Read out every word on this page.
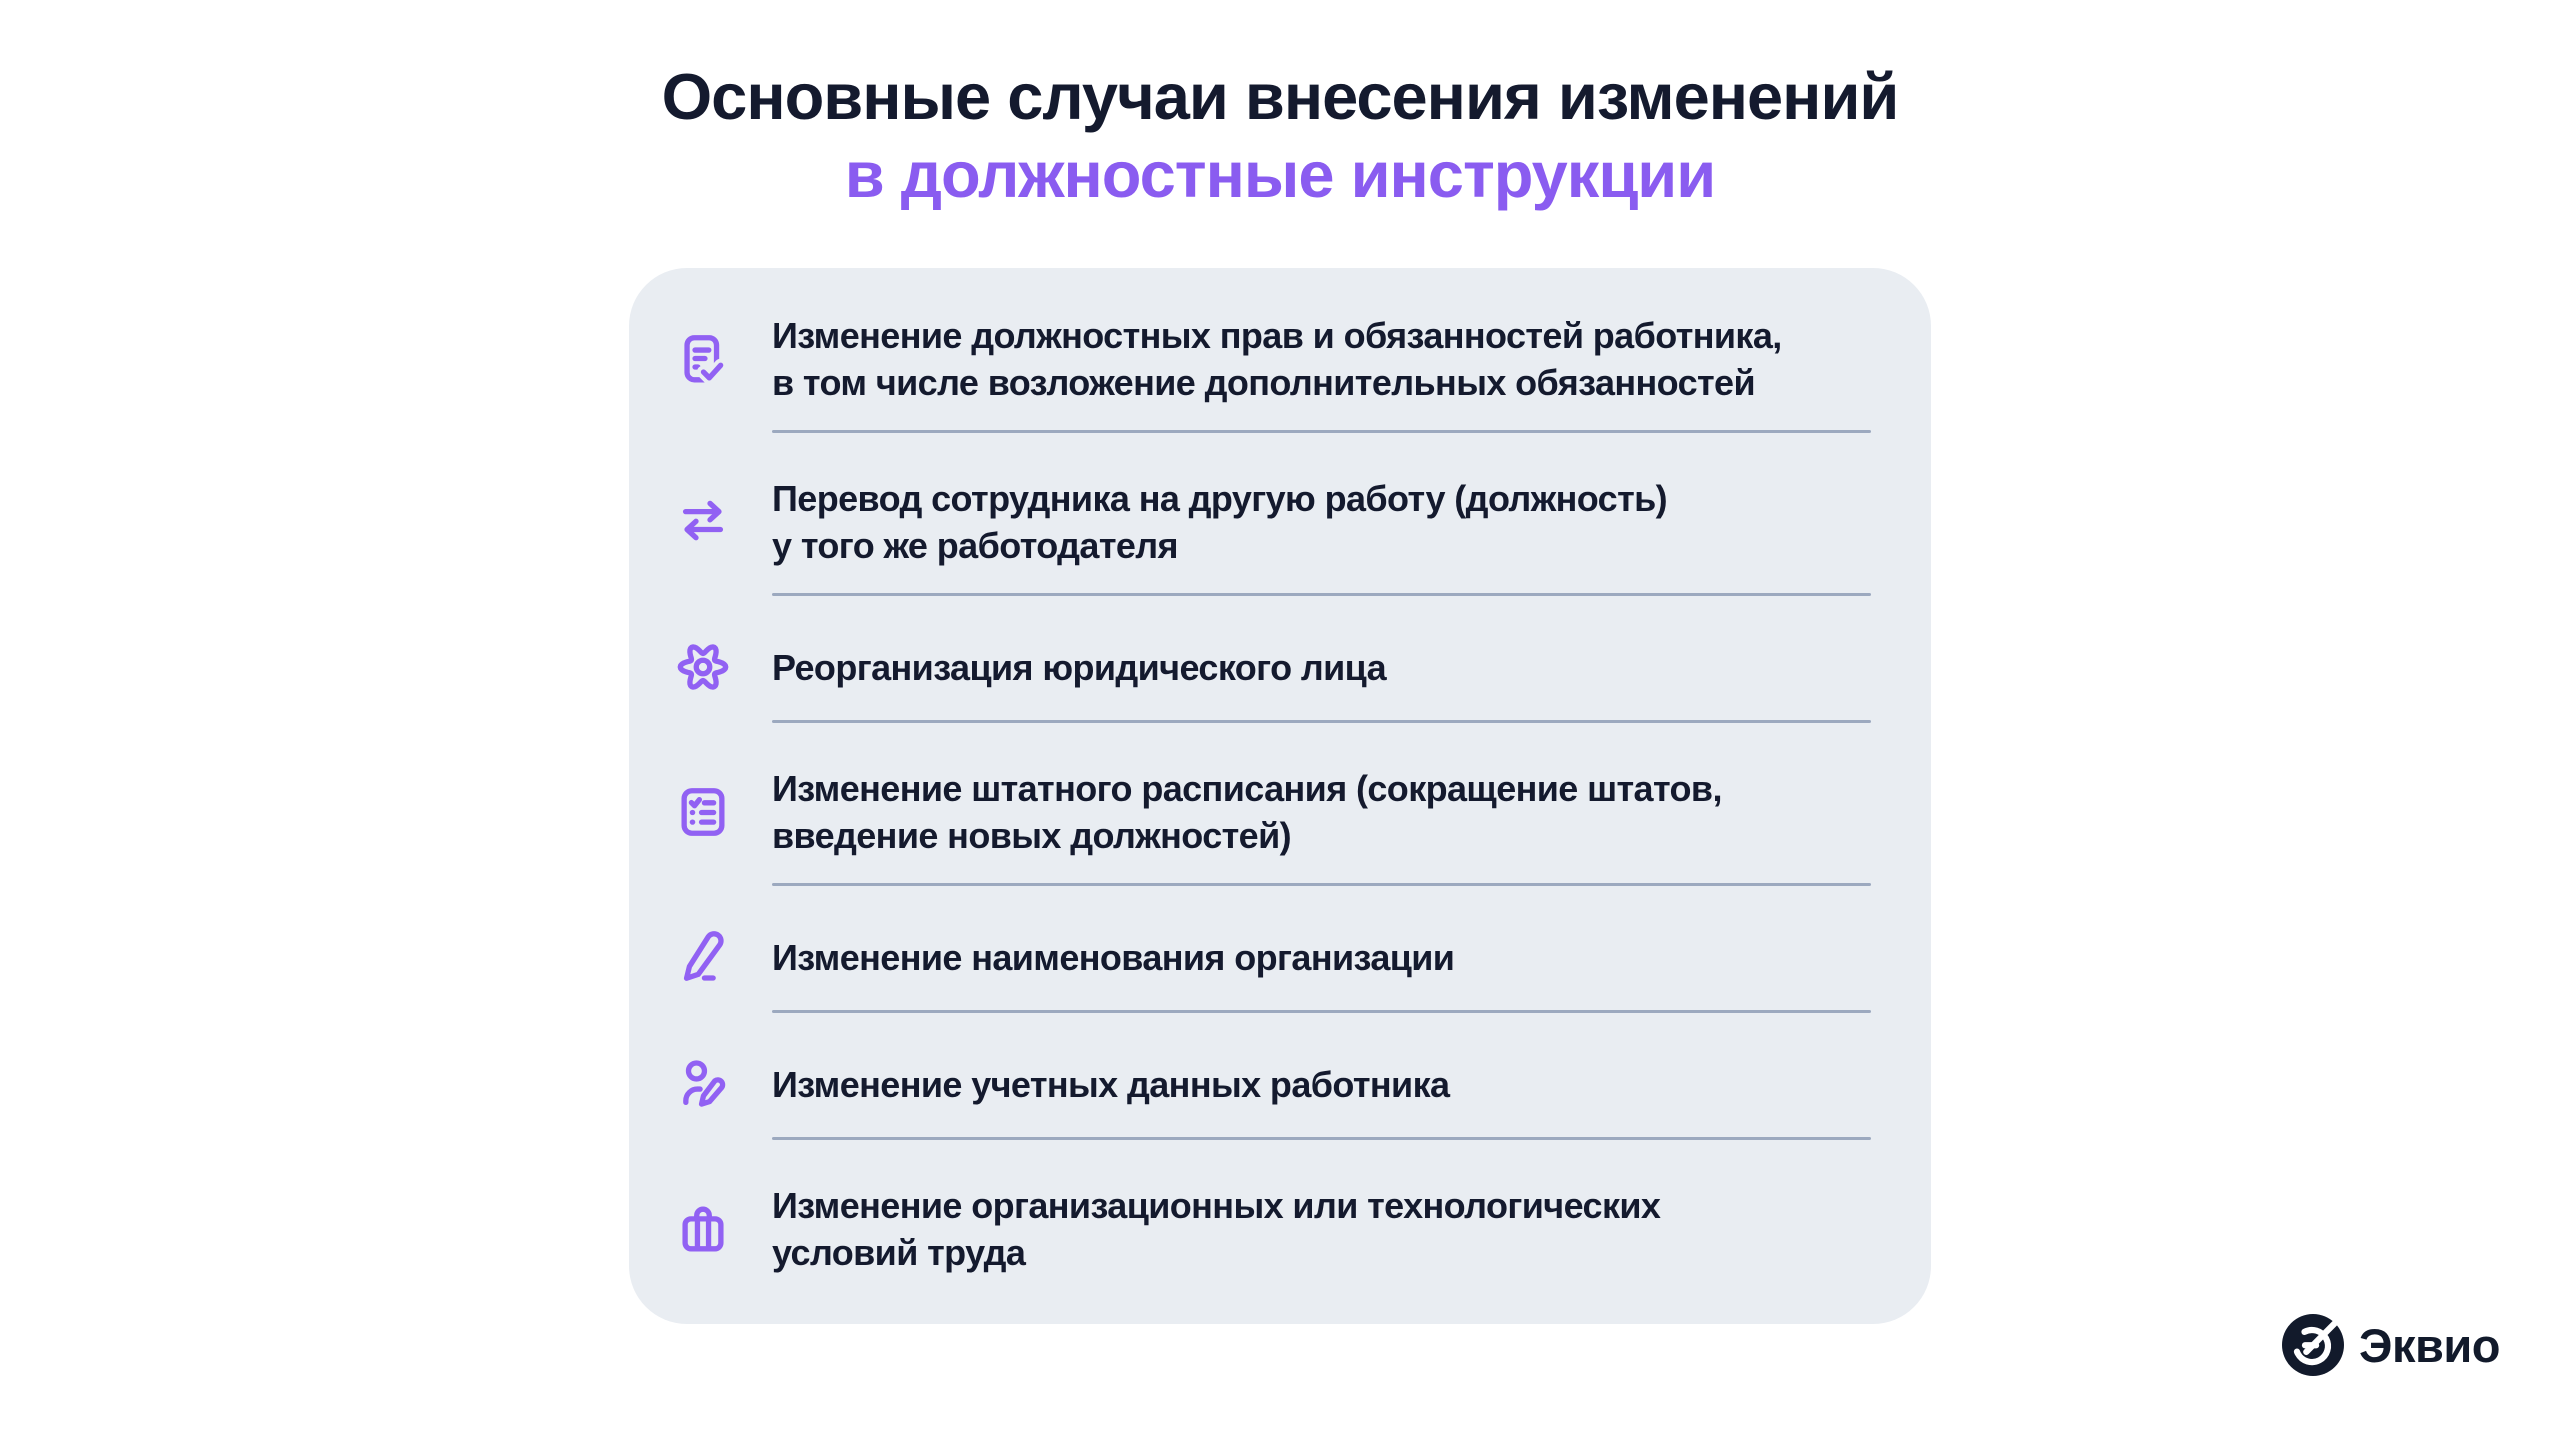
Основные случаи внесения изменений
в должностные инструкции
Изменение должностных прав и обязанностей работника,
в том числе возложение дополнительных обязанностей
Перевод сотрудника на другую работу (должность)
у того же работодателя
Реорганизация юридического лица
Изменение штатного расписания (сокращение штатов,
введение новых должностей)
Изменение наименования организации
Изменение учетных данных работника
Изменение организационных или технологических
условий труда
Эквио
